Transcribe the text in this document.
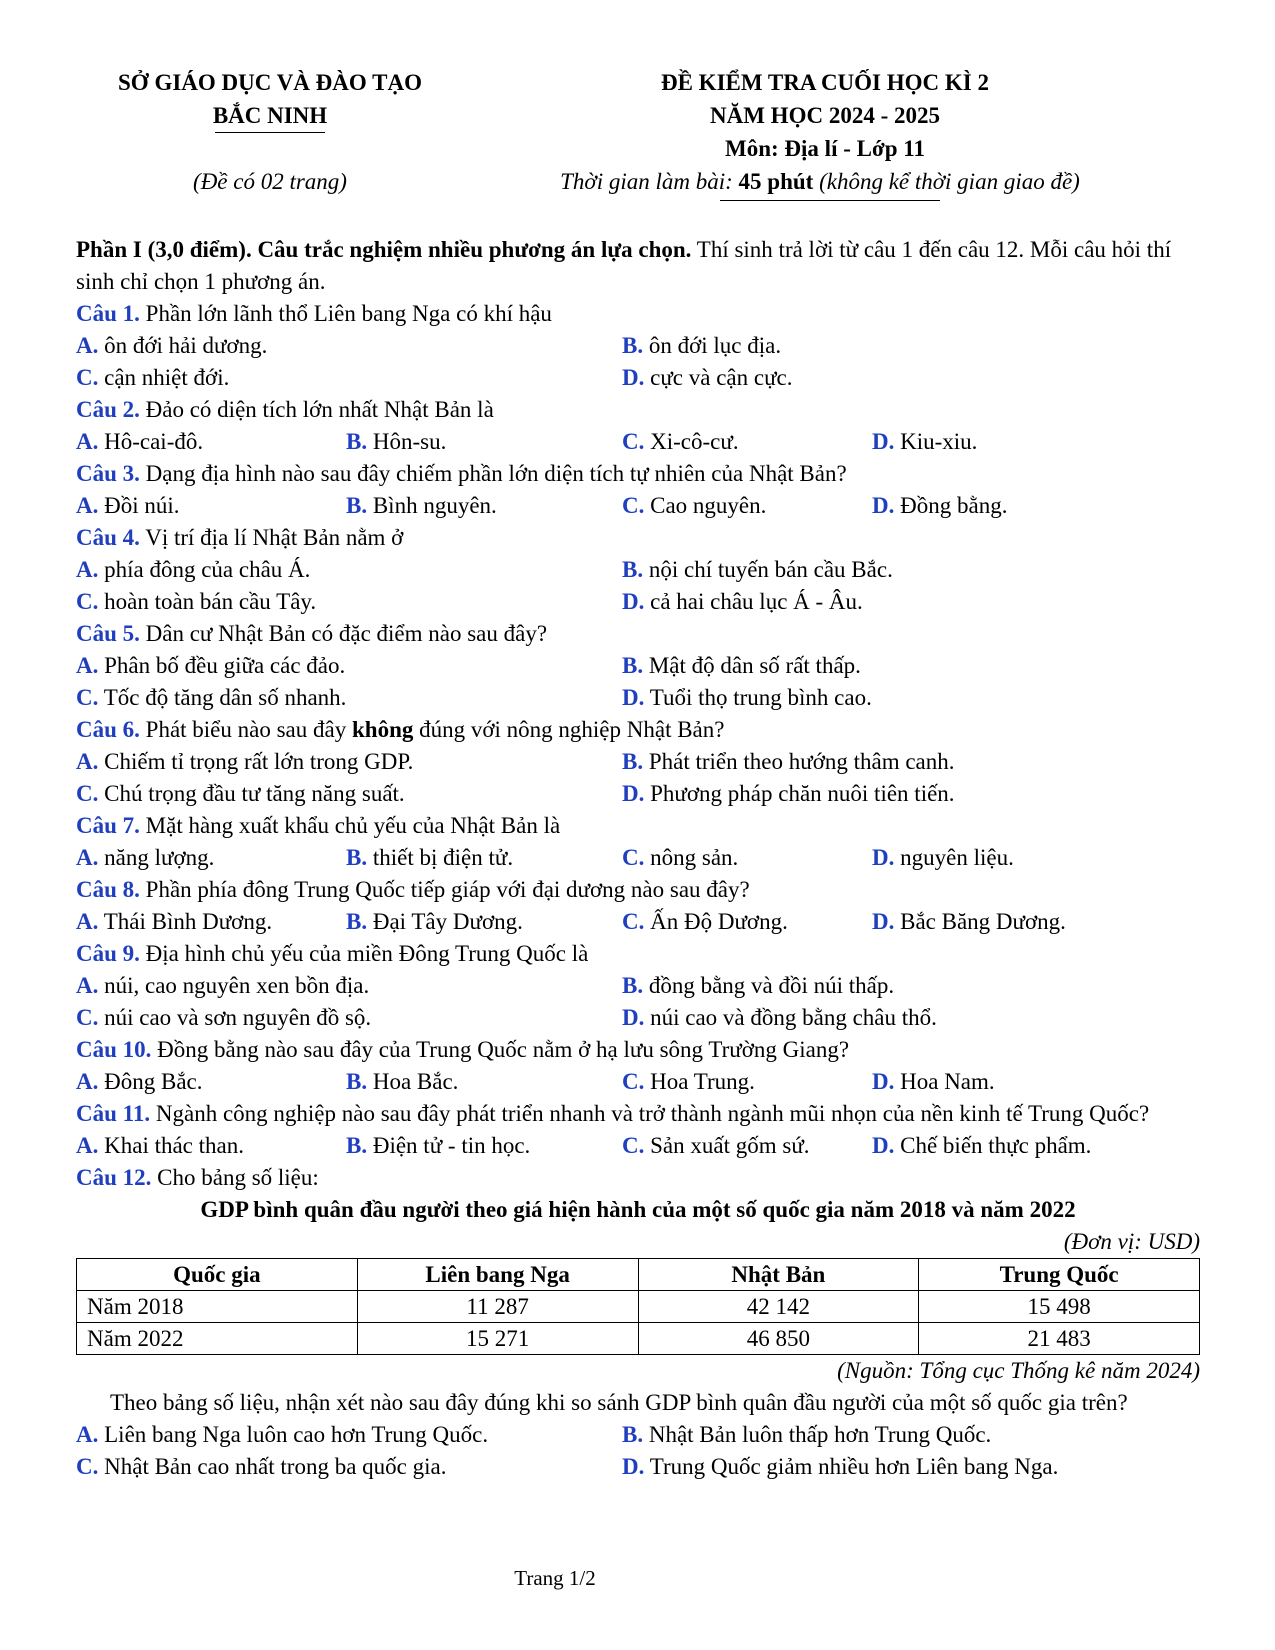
SỞ GIÁO DỤC VÀ ĐÀO TẠO
BẮC NINH
ĐỀ KIỂM TRA CUỐI HỌC KÌ 2
NĂM HỌC 2024 - 2025
Môn: Địa lí - Lớp 11
(Đề có 02 trang)	Thời gian làm bài: 45 phút (không kể thời gian giao đề)
Phần I (3,0 điểm). Câu trắc nghiệm nhiều phương án lựa chọn. Thí sinh trả lời từ câu 1 đến câu 12. Mỗi câu hỏi thí sinh chỉ chọn 1 phương án.
Câu 1. Phần lớn lãnh thổ Liên bang Nga có khí hậu
A. ôn đới hải dương.	B. ôn đới lục địa.
C. cận nhiệt đới.	D. cực và cận cực.
Câu 2. Đảo có diện tích lớn nhất Nhật Bản là
A. Hô-cai-đô.	B. Hôn-su.	C. Xi-cô-cư.	D. Kiu-xiu.
Câu 3. Dạng địa hình nào sau đây chiếm phần lớn diện tích tự nhiên của Nhật Bản?
A. Đồi núi.	B. Bình nguyên.	C. Cao nguyên.	D. Đồng bằng.
Câu 4. Vị trí địa lí Nhật Bản nằm ở
A. phía đông của châu Á.	B. nội chí tuyến bán cầu Bắc.
C. hoàn toàn bán cầu Tây.	D. cả hai châu lục Á - Âu.
Câu 5. Dân cư Nhật Bản có đặc điểm nào sau đây?
A. Phân bố đều giữa các đảo.	B. Mật độ dân số rất thấp.
C. Tốc độ tăng dân số nhanh.	D. Tuổi thọ trung bình cao.
Câu 6. Phát biểu nào sau đây không đúng với nông nghiệp Nhật Bản?
A. Chiếm tỉ trọng rất lớn trong GDP.	B. Phát triển theo hướng thâm canh.
C. Chú trọng đầu tư tăng năng suất.	D. Phương pháp chăn nuôi tiên tiến.
Câu 7. Mặt hàng xuất khẩu chủ yếu của Nhật Bản là
A. năng lượng.	B. thiết bị điện tử.	C. nông sản.	D. nguyên liệu.
Câu 8. Phần phía đông Trung Quốc tiếp giáp với đại dương nào sau đây?
A. Thái Bình Dương.	B. Đại Tây Dương.	C. Ấn Độ Dương.	D. Bắc Băng Dương.
Câu 9. Địa hình chủ yếu của miền Đông Trung Quốc là
A. núi, cao nguyên xen bồn địa.	B. đồng bằng và đồi núi thấp.
C. núi cao và sơn nguyên đồ sộ.	D. núi cao và đồng bằng châu thổ.
Câu 10. Đồng bằng nào sau đây của Trung Quốc nằm ở hạ lưu sông Trường Giang?
A. Đông Bắc.	B. Hoa Bắc.	C. Hoa Trung.	D. Hoa Nam.
Câu 11. Ngành công nghiệp nào sau đây phát triển nhanh và trở thành ngành mũi nhọn của nền kinh tế Trung Quốc?
A. Khai thác than.	B. Điện tử - tin học.	C. Sản xuất gốm sứ.	D. Chế biến thực phẩm.
Câu 12. Cho bảng số liệu:
GDP bình quân đầu người theo giá hiện hành của một số quốc gia năm 2018 và năm 2022
(Đơn vị: USD)
Quốc gia	Liên bang Nga	Nhật Bản	Trung Quốc
Năm 2018	11 287	42 142	15 498
Năm 2022	15 271	46 850	21 483
(Nguồn: Tổng cục Thống kê năm 2024)
Theo bảng số liệu, nhận xét nào sau đây đúng khi so sánh GDP bình quân đầu người của một số quốc gia trên?
A. Liên bang Nga luôn cao hơn Trung Quốc.	B. Nhật Bản luôn thấp hơn Trung Quốc.
C. Nhật Bản cao nhất trong ba quốc gia.	D. Trung Quốc giảm nhiều hơn Liên bang Nga.
Trang 1/2
